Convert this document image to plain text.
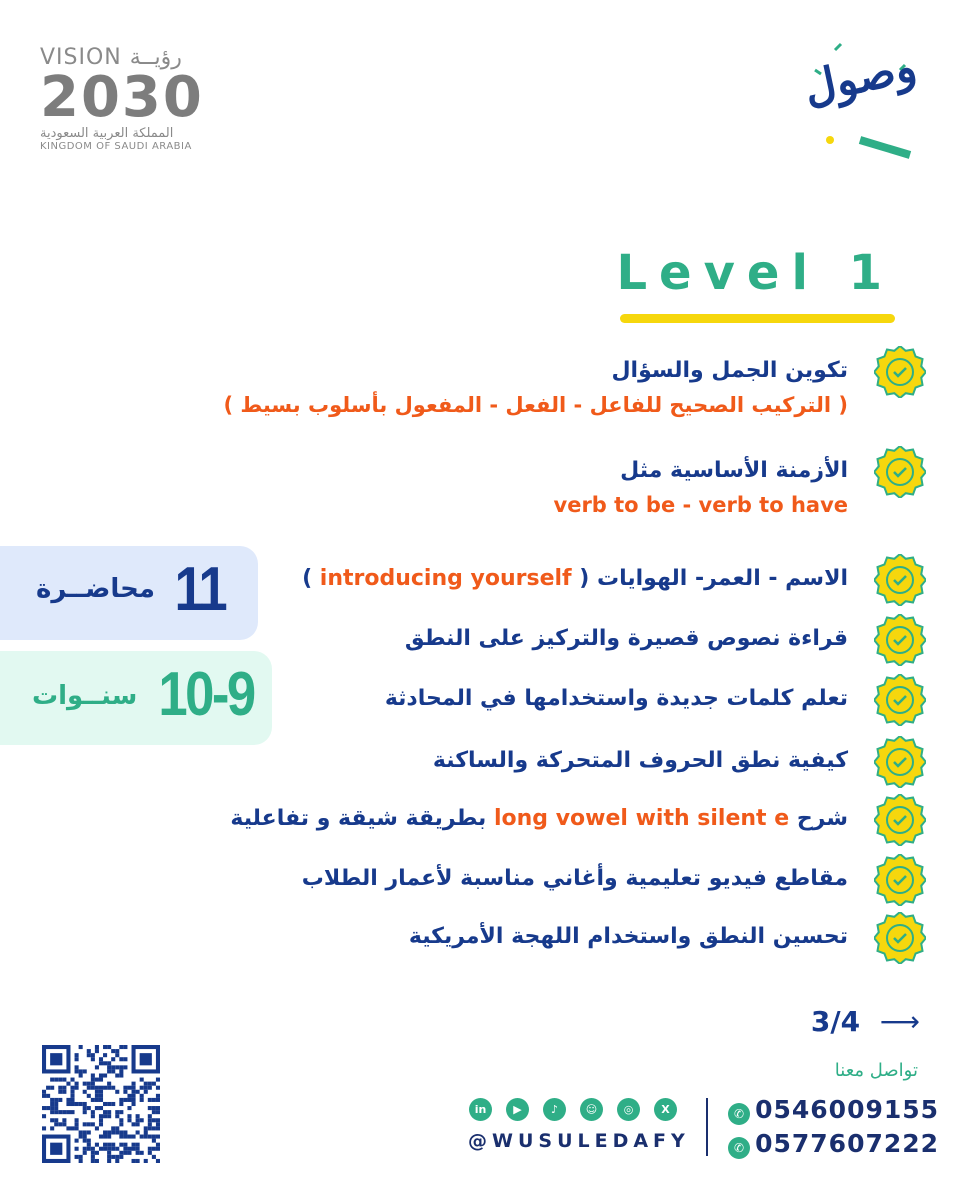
VISION رؤيــة
2030
المملكة العربية السعودية
KINGDOM OF SAUDI ARABIA
وصول
Level 1
تكوين الجمل والسؤال
( التركيب الصحيح للفاعل - الفعل - المفعول بأسلوب بسيط )
الأزمنة الأساسية مثل
verb to be - verb to have
الاسم - العمر- الهوايات ( introducing yourself )
قراءة نصوص قصيرة والتركيز على النطق
تعلم كلمات جديدة واستخدامها في المحادثة
كيفية نطق الحروف المتحركة والساكنة
شرح long vowel with silent e بطريقة شيقة و تفاعلية
مقاطع فيديو تعليمية وأغاني مناسبة لأعمار الطلاب
تحسين النطق واستخدام اللهجة الأمريكية
11
محاضــرة
10-9
سنــوات
3/4 ⟶
تواصل معنا
✆ 0546009155
✆ 0577607222
in	▶	♪	☺	◎	X
@WUSULEDAFY
